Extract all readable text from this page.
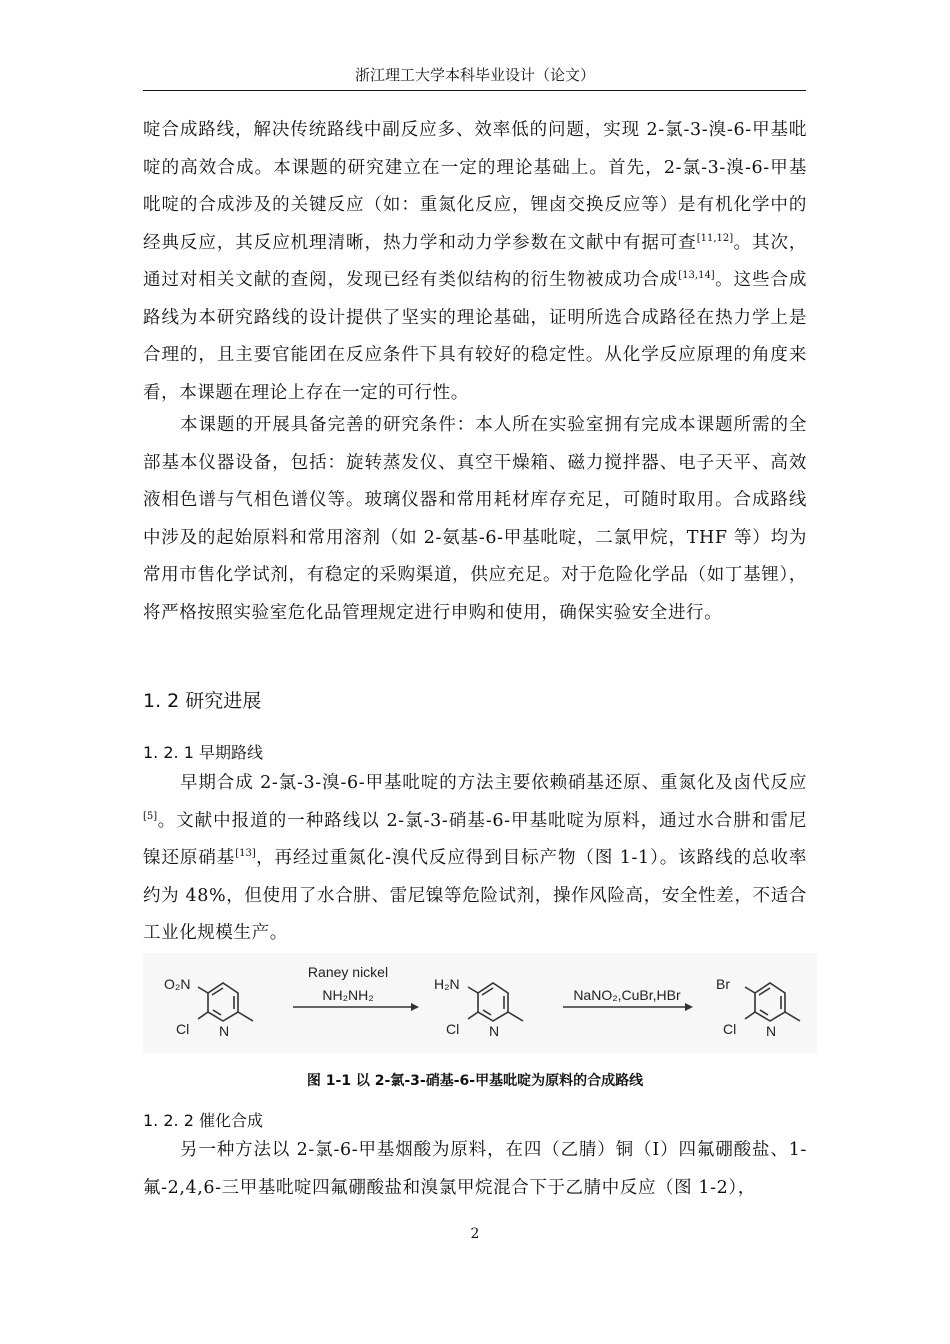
浙江理工大学本科毕业设计（论文）

啶合成路线，解决传统路线中副反应多、效率低的问题，实现 2-氯-3-溴-6-甲基吡啶的高效合成。本课题的研究建立在一定的理论基础上。首先，2-氯-3-溴-6-甲基吡啶的合成涉及的关键反应（如：重氮化反应，锂卤交换反应等）是有机化学中的经典反应，其反应机理清晰，热力学和动力学参数在文献中有据可查[11,12]。其次，通过对相关文献的查阅，发现已经有类似结构的衍生物被成功合成[13,14]。这些合成路线为本研究路线的设计提供了坚实的理论基础，证明所选合成路径在热力学上是合理的，且主要官能团在反应条件下具有较好的稳定性。从化学反应原理的角度来看，本课题在理论上存在一定的可行性。

本课题的开展具备完善的研究条件：本人所在实验室拥有完成本课题所需的全部基本仪器设备，包括：旋转蒸发仪、真空干燥箱、磁力搅拌器、电子天平、高效液相色谱与气相色谱仪等。玻璃仪器和常用耗材库存充足，可随时取用。合成路线中涉及的起始原料和常用溶剂（如 2-氨基-6-甲基吡啶，二氯甲烷，THF 等）均为常用市售化学试剂，有稳定的采购渠道，供应充足。对于危险化学品（如丁基锂），将严格按照实验室危化品管理规定进行申购和使用，确保实验安全进行。

1. 2 研究进展
1. 2. 1 早期路线

早期合成 2-氯-3-溴-6-甲基吡啶的方法主要依赖硝基还原、重氮化及卤代反应[5]。文献中报道的一种路线以 2-氯-3-硝基-6-甲基吡啶为原料，通过水合肼和雷尼镍还原硝基[13]，再经过重氮化-溴代反应得到目标产物（图 1-1）。该路线的总收率约为 48%，但使用了水合肼、雷尼镍等危险试剂，操作风险高，安全性差，不适合工业化规模生产。

O₂N
Cl N
Raney nickel
NH₂NH₂
H₂N
Cl N
NaNO₂,CuBr,HBr
Br
Cl N
图 1-1 以 2-氯-3-硝基-6-甲基吡啶为原料的合成路线
1. 2. 2 催化合成

另一种方法以 2-氯-6-甲基烟酸为原料，在四（乙腈）铜（I）四氟硼酸盐、1-氟-2,4,6-三甲基吡啶四氟硼酸盐和溴氯甲烷混合下于乙腈中反应（图 1-2），

2
